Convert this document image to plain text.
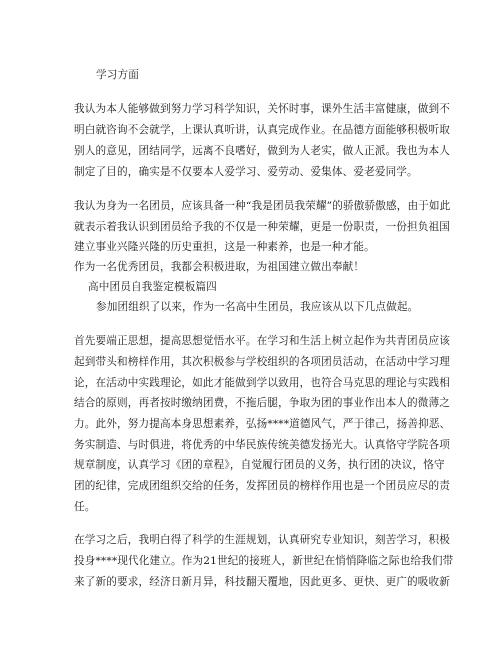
学习方面
我认为本人能够做到努力学习科学知识，关怀时事，课外生活丰富健康，做到不
明白就咨询不会就学，上课认真听讲，认真完成作业。在品德方面能够积极听取
别人的意见，团结同学，远离不良嗜好，做到为人老实，做人正派。我也为本人
制定了目的，确实是不仅要本人爱学习、爱劳动、爱集体、爱老爱同学。
我认为身为一名团员，应该具备一种“我是团员我荣耀”的骄傲骄傲感，由于如此
就表示着我认识到团员给予我的不仅是一种荣耀，更是一份职责，一份担负祖国
建立事业兴隆兴隆的历史重担，这是一种素养，也是一种才能。
作为一名优秀团员，我都会积极进取，为祖国建立做出奉献！
高中团员自我鉴定模板篇四
参加团组织了以来，作为一名高中生团员，我应该从以下几点做起。
首先要端正思想，提高思想觉悟水平。在学习和生活上树立起作为共青团员应该
起到带头和榜样作用，其次积极参与学校组织的各项团员活动，在活动中学习理
论，在活动中实践理论，如此才能做到学以致用，也符合马克思的理论与实践相
结合的原则，再者按时缴纳团费，不拖后腿，争取为团的事业作出本人的微薄之
力。此外，努力提高本身思想素养，弘扬****道德风气，严于律己，扬善抑恶、
务实制造、与时俱进，将优秀的中华民族传统美德发扬光大。认真恪守学院各项
规章制度，认真学习《团的章程》，自觉履行团员的义务，执行团的决议，恪守
团的纪律，完成团组织交给的任务，发挥团员的榜样作用也是一个团员应尽的责
任。
在学习之后，我明白得了科学的生涯规划，认真研究专业知识，刻苦学习，积极
投身****现代化建立。作为21世纪的接班人，新世纪在悄悄降临之际也给我们带
来了新的要求，经济日新月异，科技翻天覆地，因此更多、更快、更广的吸收新
